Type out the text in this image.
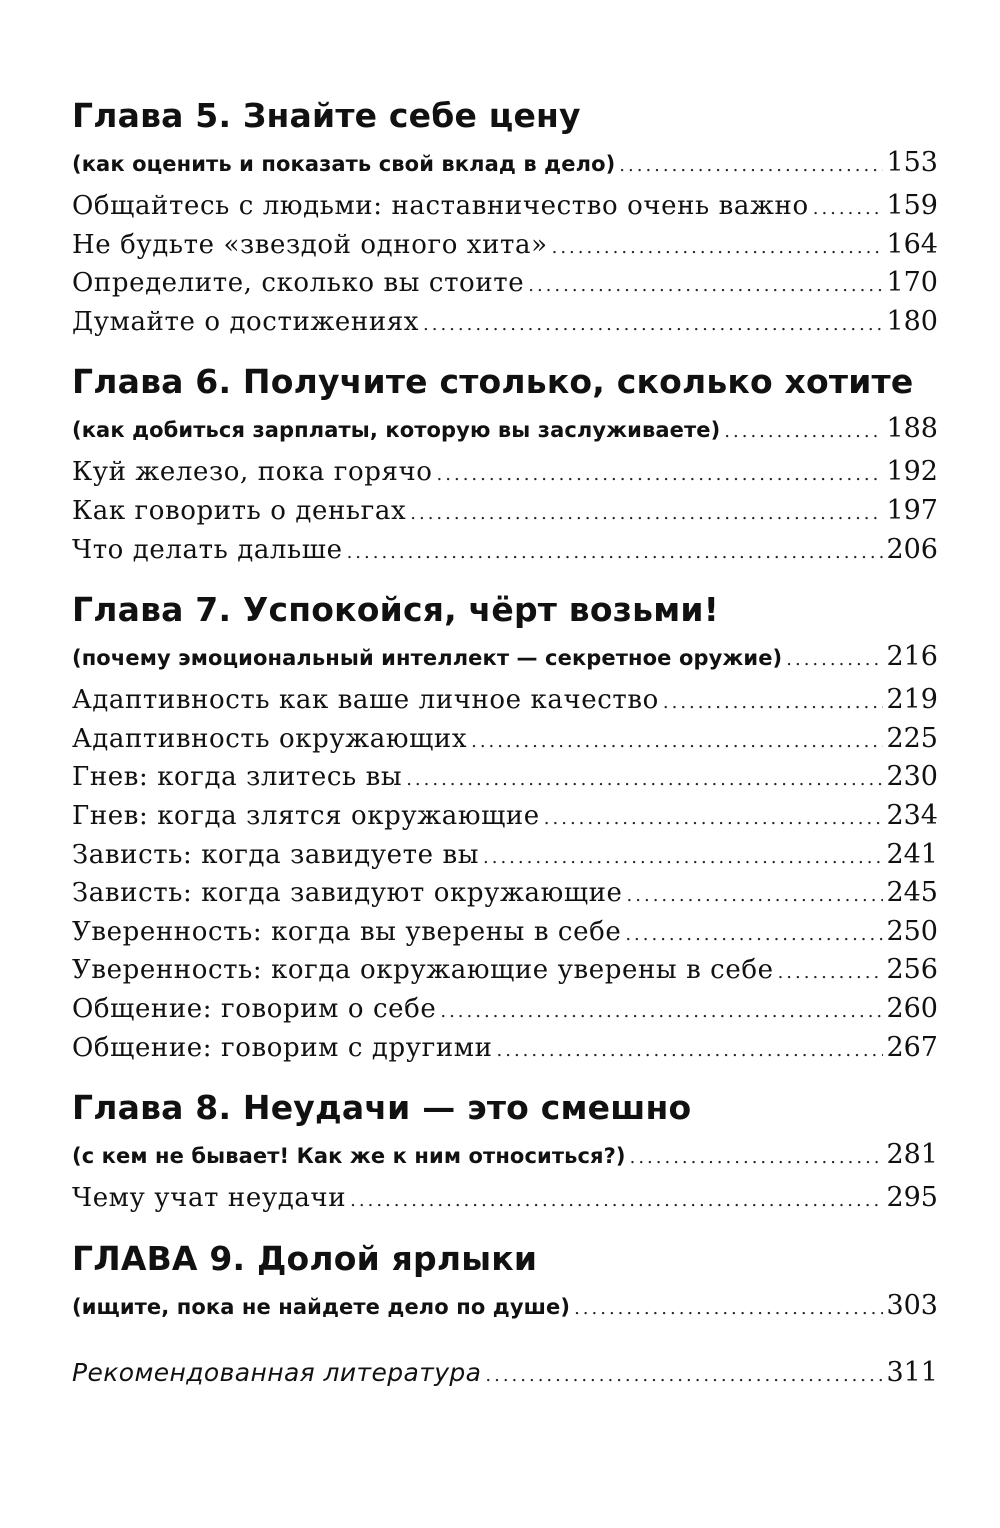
Глава 5. Знайте себе цену
(как оценить и показать свой вклад в дело) .....	153
Общайтесь с людьми: наставничество очень важно .....	159
Не будьте «звездой одного хита» .....	164
Определите, сколько вы стоите .....	170
Думайте о достижениях .....	180
Глава 6. Получите столько, сколько хотите
(как добиться зарплаты, которую вы заслуживаете) .....	188
Куй железо, пока горячо .....	192
Как говорить о деньгах .....	197
Что делать дальше .....	206
Глава 7. Успокойся, чёрт возьми!
(почему эмоциональный интеллект — секретное оружие) .....	216
Адаптивность как ваше личное качество .....	219
Адаптивность окружающих .....	225
Гнев: когда злитесь вы .....	230
Гнев: когда злятся окружающие .....	234
Зависть: когда завидуете вы .....	241
Зависть: когда завидуют окружающие .....	245
Уверенность: когда вы уверены в себе .....	250
Уверенность: когда окружающие уверены в себе .....	256
Общение: говорим о себе .....	260
Общение: говорим с другими .....	267
Глава 8. Неудачи — это смешно
(с кем не бывает! Как же к ним относиться?) .....	281
Чему учат неудачи .....	295
ГЛАВА 9. Долой ярлыки
(ищите, пока не найдете дело по душе) .....	303
Рекомендованная литература .....	311
